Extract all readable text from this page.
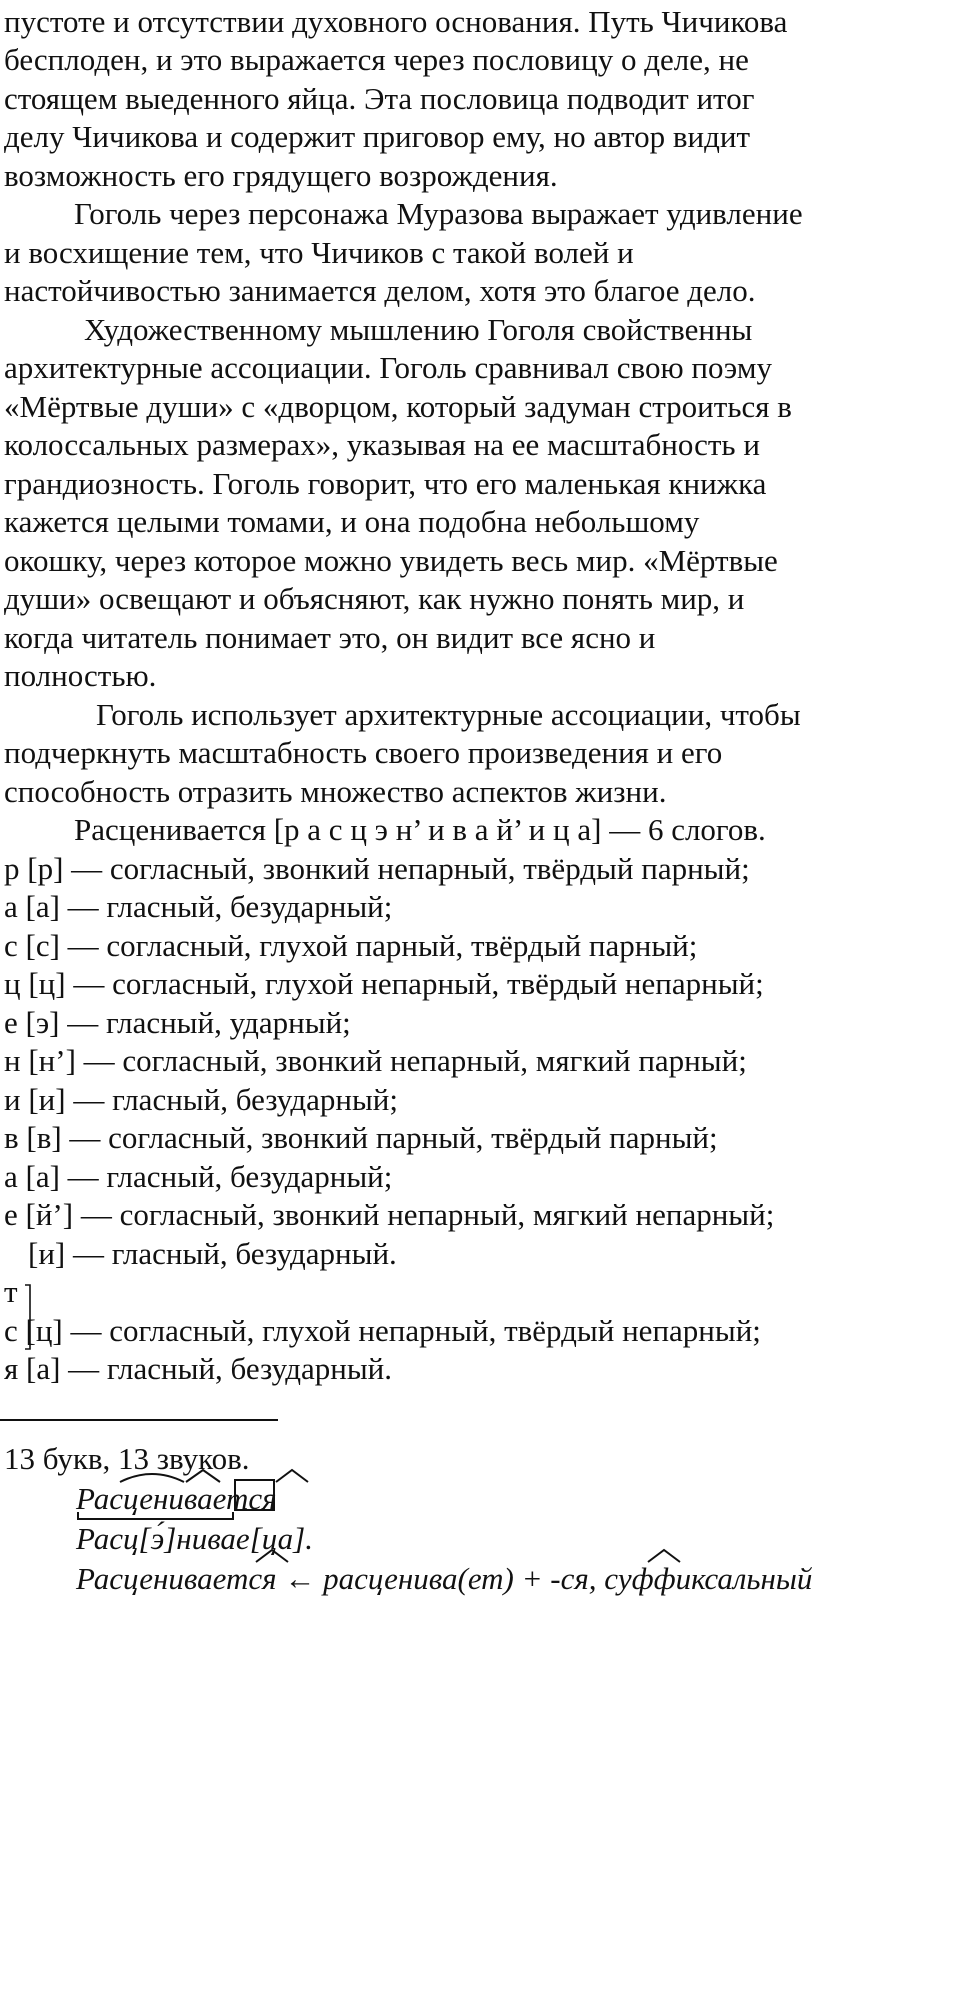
пустоте и отсутствии духовного основания. Путь Чичикова
бесплоден, и это выражается через пословицу о деле, не
стоящем выеденного яйца. Эта пословица подводит итог
делу Чичикова и содержит приговор ему, но автор видит
возможность его грядущего возрождения.
Гоголь через персонажа Муразова выражает удивление
и восхищение тем, что Чичиков с такой волей и
настойчивостью занимается делом, хотя это благое дело.
Художественному мышлению Гоголя свойственны
архитектурные ассоциации. Гоголь сравнивал свою поэму
«Мёртвые души» с «дворцом, который задуман строиться в
колоссальных размерах», указывая на ее масштабность и
грандиозность. Гоголь говорит, что его маленькая книжка
кажется целыми томами, и она подобна небольшому
окошку, через которое можно увидеть весь мир. «Мёртвые
души» освещают и объясняют, как нужно понять мир, и
когда читатель понимает это, он видит все ясно и
полностью.
Гоголь использует архитектурные ассоциации, чтобы
подчеркнуть масштабность своего произведения и его
способность отразить множество аспектов жизни.
Расценивается [р а с ц э н’ и в а й’ и ц а] — 6 слогов.
р [р] — согласный, звонкий непарный, твёрдый парный;
а [а] — гласный, безударный;
с [с] — согласный, глухой парный, твёрдый парный;
ц [ц] — согласный, глухой непарный, твёрдый непарный;
е [э] — гласный, ударный;
н [н’] — согласный, звонкий непарный, мягкий парный;
и [и] — гласный, безударный;
в [в] — согласный, звонкий парный, твёрдый парный;
а [а] — гласный, безударный;
е [й’] — согласный, звонкий непарный, мягкий непарный;
[и] — гласный, безударный.
т
с [ц] — согласный, глухой непарный, твёрдый непарный;
я [а] — гласный, безударный.
13 букв, 13 звуков.
Расценивается
Расц[э́]нивае[ца].
Расценивается ← расценива(ет) + -ся, суффиксальный
